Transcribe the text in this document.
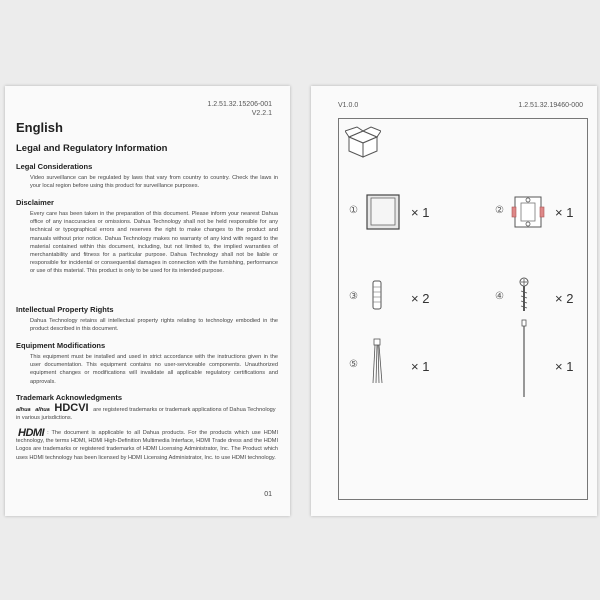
1.2.51.32.15206-001
V2.2.1
English
Legal and Regulatory Information
Legal Considerations

Video surveillance can be regulated by laws that vary from country to country. Check the laws in your local region before using this product for surveillance purposes.

Disclaimer

Every care has been taken in the preparation of this document. Please inform your nearest Dahua office of any inaccuracies or omissions. Dahua Technology shall not be held responsible for any technical or typographical errors and reserves the right to make changes to the product and manuals without prior notice. Dahua Technology makes no warranty of any kind with regard to the material contained within this document, including, but not limited to, the implied warranties of merchantability and fitness for a particular purpose. Dahua Technology shall not be liable or responsible for incidental or consequential damages in connection with the furnishing, performance or use of this material. This product is only to be used for its intended purpose.

Intellectual Property Rights

Dahua Technology retains all intellectual property rights relating to technology embodied in the product described in this document.

Equipment Modifications

This equipment must be installed and used in strict accordance with the instructions given in the user documentation. This equipment contains no user-serviceable components. Unauthorized equipment changes or modifications will invalidate all applicable regulatory certifications and approvals.

Trademark Acknowledgments
alhua alhua HDCVI are registered trademarks or trademark applications of Dahua Technology in various jurisdictions.
HDMI : The document is applicable to all Dahua products. For the products which use HDMI technology, the terms HDMI, HDMI High-Definition Multimedia Interface, HDMI Trade dress and the HDMI Logos are trademarks or registered trademarks of HDMI Licensing Administrator, Inc. The Product which uses HDMI technology has been licensed by HDMI Licensing Administrator, Inc. to use HDMI technology.
01
V1.0.0	1.2.51.32.19460-000
①	× 1	②	× 1
③	× 2	④	× 2
⑤	× 1	× 1
